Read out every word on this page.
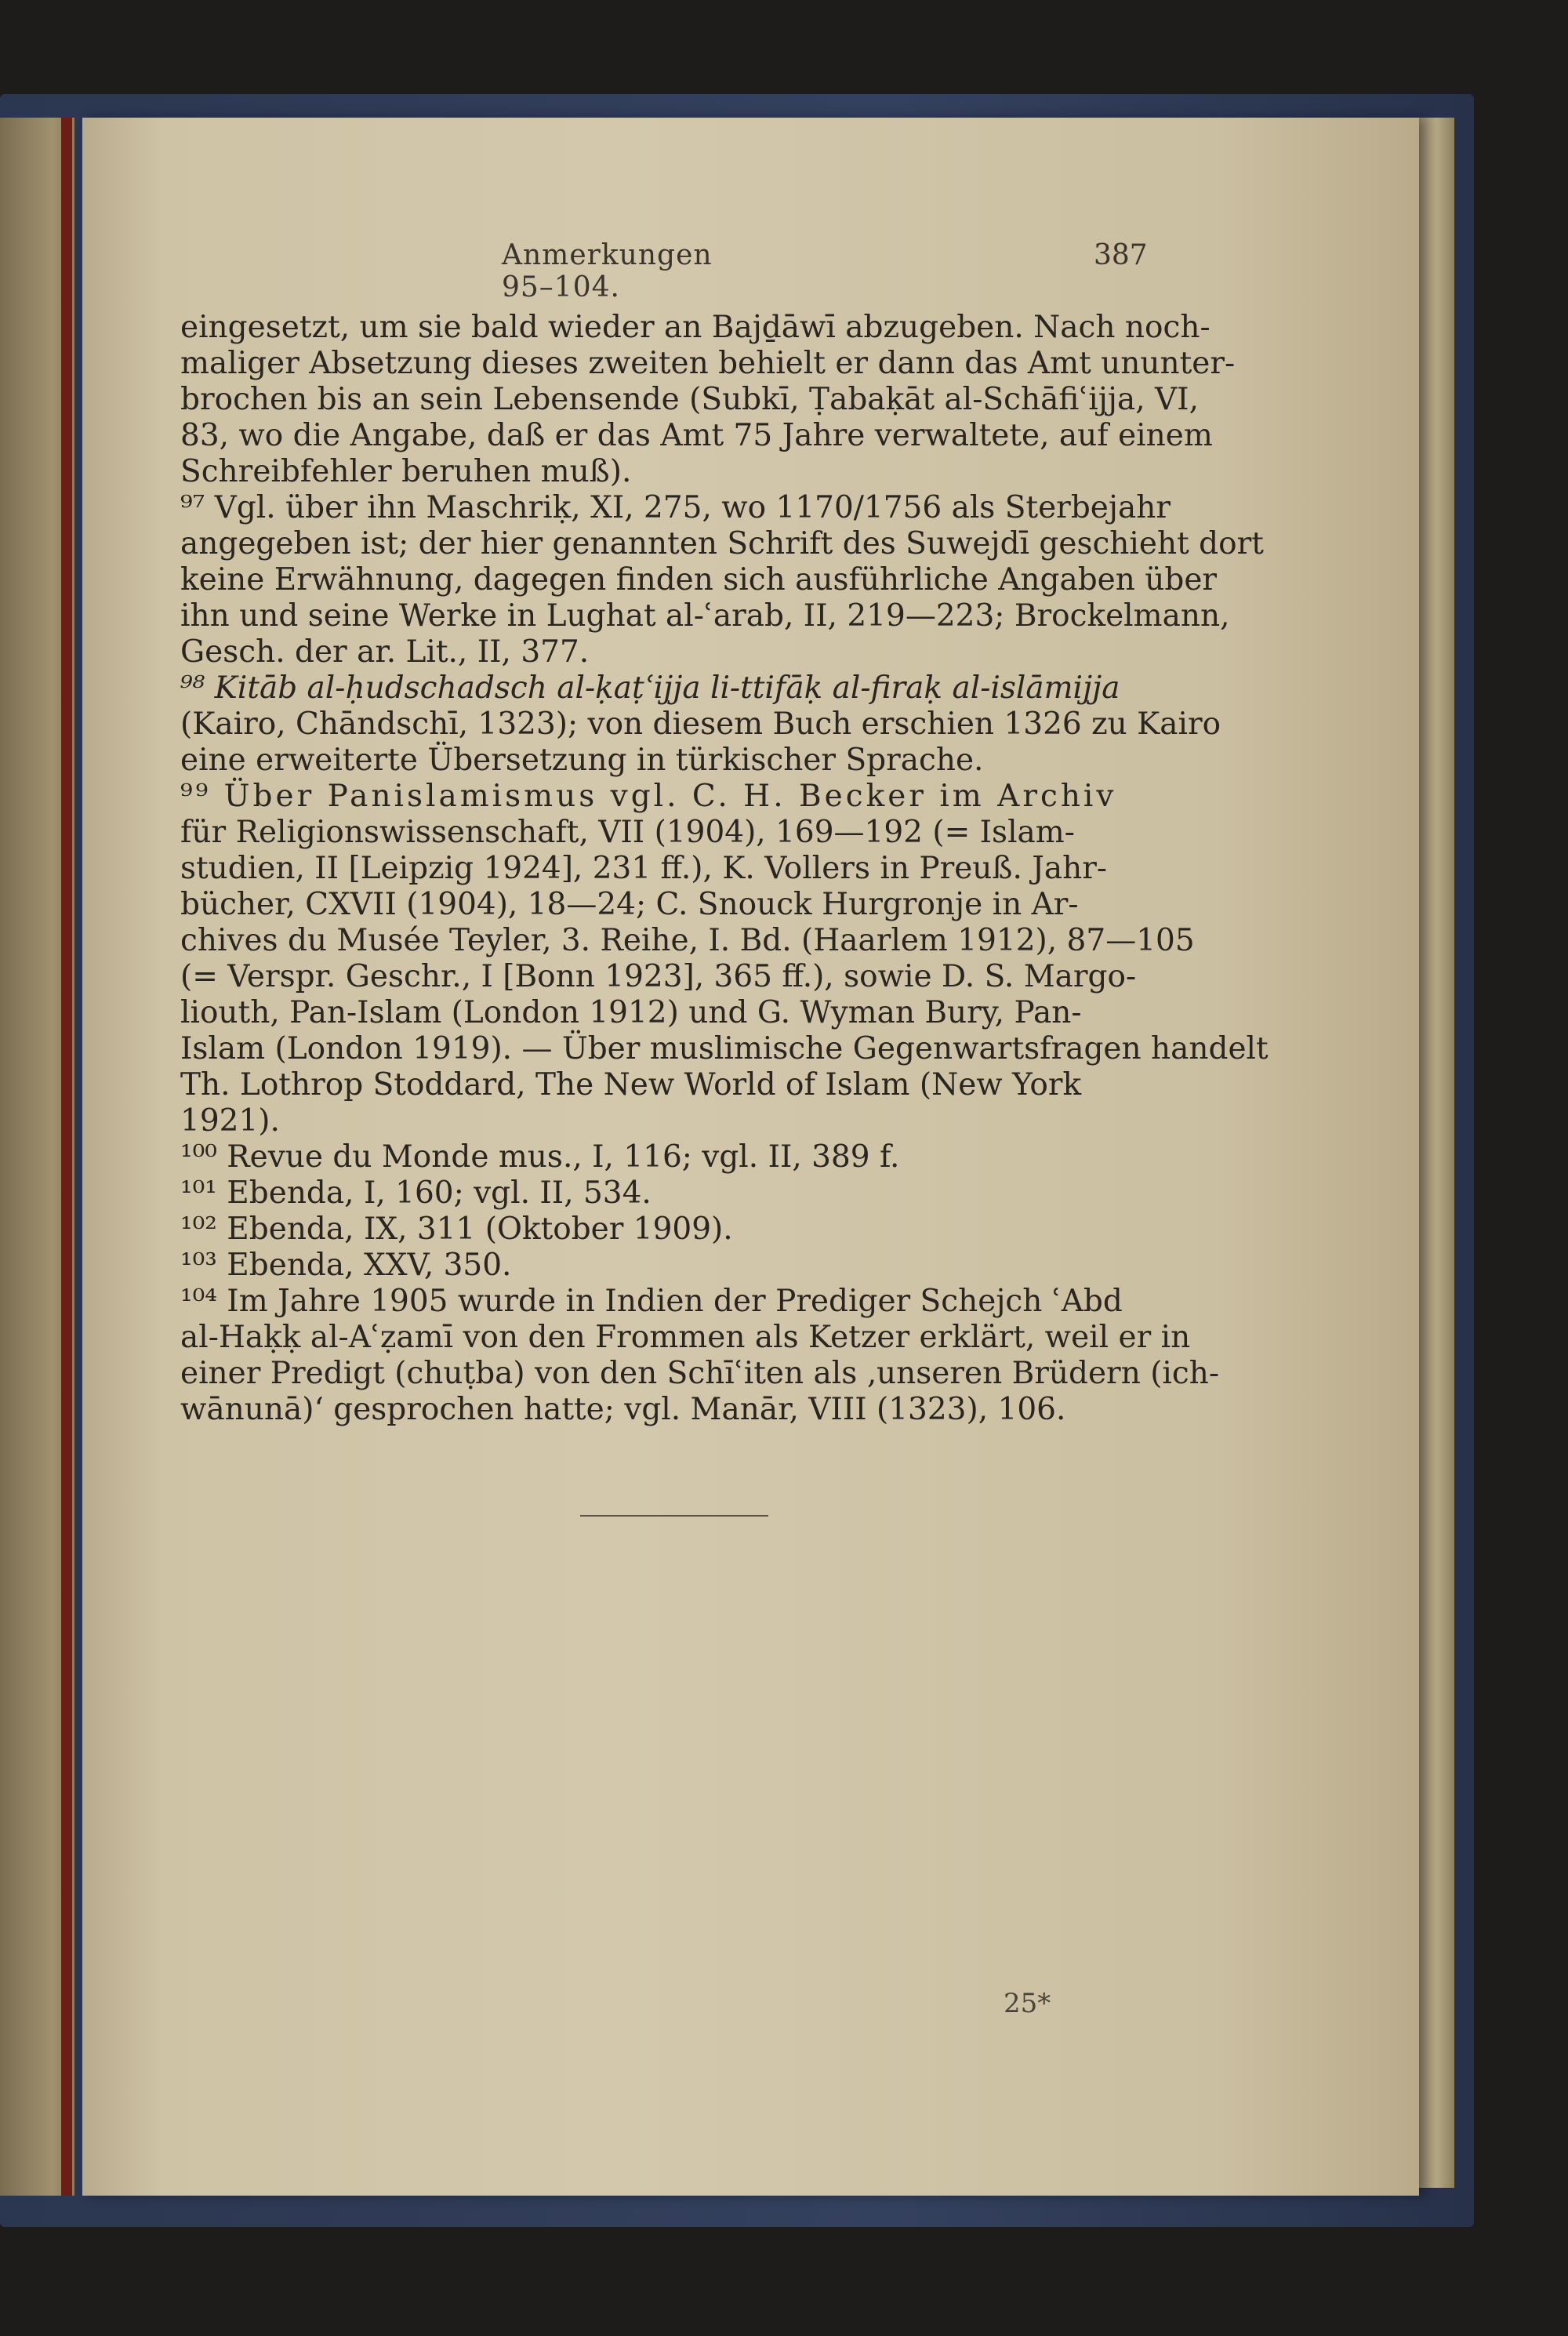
Anmerkungen 95–104.
387
eingesetzt, um sie bald wieder an Bajḏāwī abzugeben. Nach noch-
maliger Absetzung dieses zweiten behielt er dann das Amt ununter-
brochen bis an sein Lebensende (Subkī, Ṭabaḳāt al-Schāfiʿijja, VI,
83, wo die Angabe, daß er das Amt 75 Jahre verwaltete, auf einem
Schreibfehler beruhen muß).
⁹⁷ Vgl. über ihn Maschriḳ, XI, 275, wo 1170/1756 als Sterbejahr
angegeben ist; der hier genannten Schrift des Suwejdī geschieht dort
keine Erwähnung, dagegen finden sich ausführliche Angaben über
ihn und seine Werke in Lughat al-ʿarab, II, 219—223; Brockelmann,
Gesch. der ar. Lit., II, 377.
⁹⁸ Kitāb al-ḥudschadsch al-ḳaṭʿijja li-ttifāḳ al-firaḳ al-islāmijja
(Kairo, Chāndschī, 1323); von diesem Buch erschien 1326 zu Kairo
eine erweiterte Übersetzung in türkischer Sprache.
⁹⁹ Über Panislamismus vgl. C. H. Becker im Archiv
für Religionswissenschaft, VII (1904), 169—192 (= Islam-
studien, II [Leipzig 1924], 231 ff.), K. Vollers in Preuß. Jahr-
bücher, CXVII (1904), 18—24; C. Snouck Hurgronje in Ar-
chives du Musée Teyler, 3. Reihe, I. Bd. (Haarlem 1912), 87—105
(= Verspr. Geschr., I [Bonn 1923], 365 ff.), sowie D. S. Margo-
liouth, Pan-Islam (London 1912) und G. Wyman Bury, Pan-
Islam (London 1919). — Über muslimische Gegenwartsfragen handelt
Th. Lothrop Stoddard, The New World of Islam (New York
1921).
¹⁰⁰ Revue du Monde mus., I, 116; vgl. II, 389 f.
¹⁰¹ Ebenda, I, 160; vgl. II, 534.
¹⁰² Ebenda, IX, 311 (Oktober 1909).
¹⁰³ Ebenda, XXV, 350.
¹⁰⁴ Im Jahre 1905 wurde in Indien der Prediger Schejch ʿAbd
al-Haḳḳ al-Aʿẓamī von den Frommen als Ketzer erklärt, weil er in
einer Predigt (chuṭba) von den Schīʿiten als ‚unseren Brüdern (ich-
wānunā)ʻ gesprochen hatte; vgl. Manār, VIII (1323), 106.
25*
